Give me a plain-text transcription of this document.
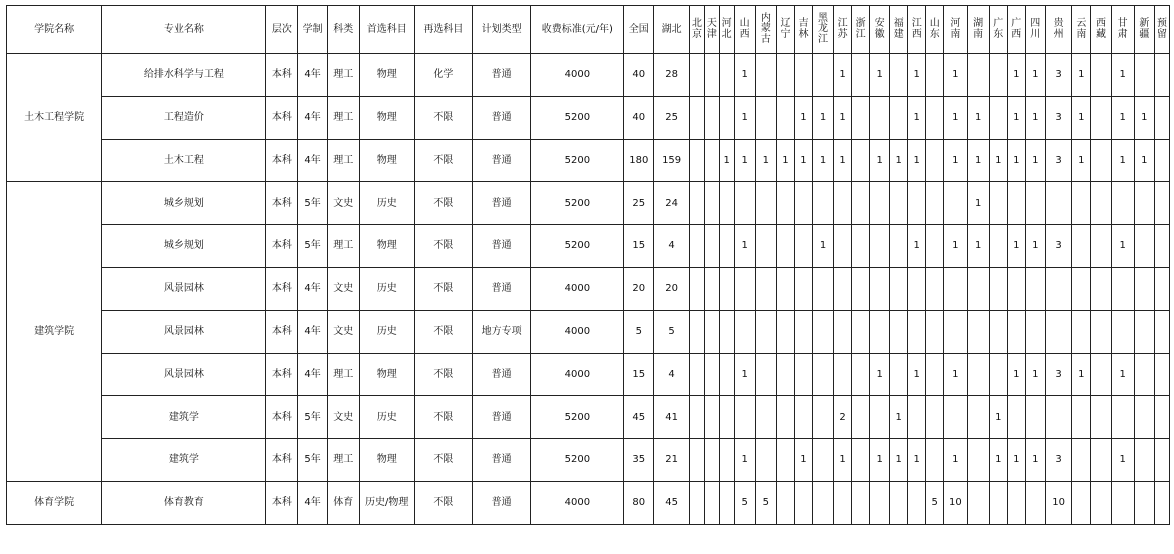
学院名称	专业名称	层次	学制	科类	首选科目	再选科目	计划类型	收费标准(元/年)	全国	湖北	北京	天津	河北	山西	内蒙古	辽宁	吉林	黑龙江	江苏	浙江	安徽	福建	江西	山东	河南	湖南	广东	广西	四川	贵州	云南	西藏	甘肃	新疆	预留
土木工程学院	给排水科学与工程	本科	4年	理工	物理	化学	普通	4000	40	28				1					1		1		1		1			1	1	3	1		1		
	工程造价	本科	4年	理工	物理	不限	普通	5200	40	25				1			1	1	1				1		1	1		1	1	3	1		1	1	
	土木工程	本科	4年	理工	物理	不限	普通	5200	180	159			1	1	1	1	1	1	1		1	1	1		1	1	1	1	1	3	1		1	1	
建筑学院	城乡规划	本科	5年	文史	历史	不限	普通	5200	25	24																1									
	城乡规划	本科	5年	理工	物理	不限	普通	5200	15	4				1				1					1		1	1		1	1	3			1		
	风景园林	本科	4年	文史	历史	不限	普通	4000	20	20																									
	风景园林	本科	4年	文史	历史	不限	地方专项	4000	5	5																									
	风景园林	本科	4年	理工	物理	不限	普通	4000	15	4				1							1		1		1			1	1	3	1		1		
	建筑学	本科	5年	文史	历史	不限	普通	5200	45	41									2			1					1								
	建筑学	本科	5年	理工	物理	不限	普通	5200	35	21				1			1		1		1	1	1		1		1	1	1	3			1		
体育学院	体育教育	本科	4年	体育	历史/物理	不限	普通	4000	80	45				5	5									5	10					10					
